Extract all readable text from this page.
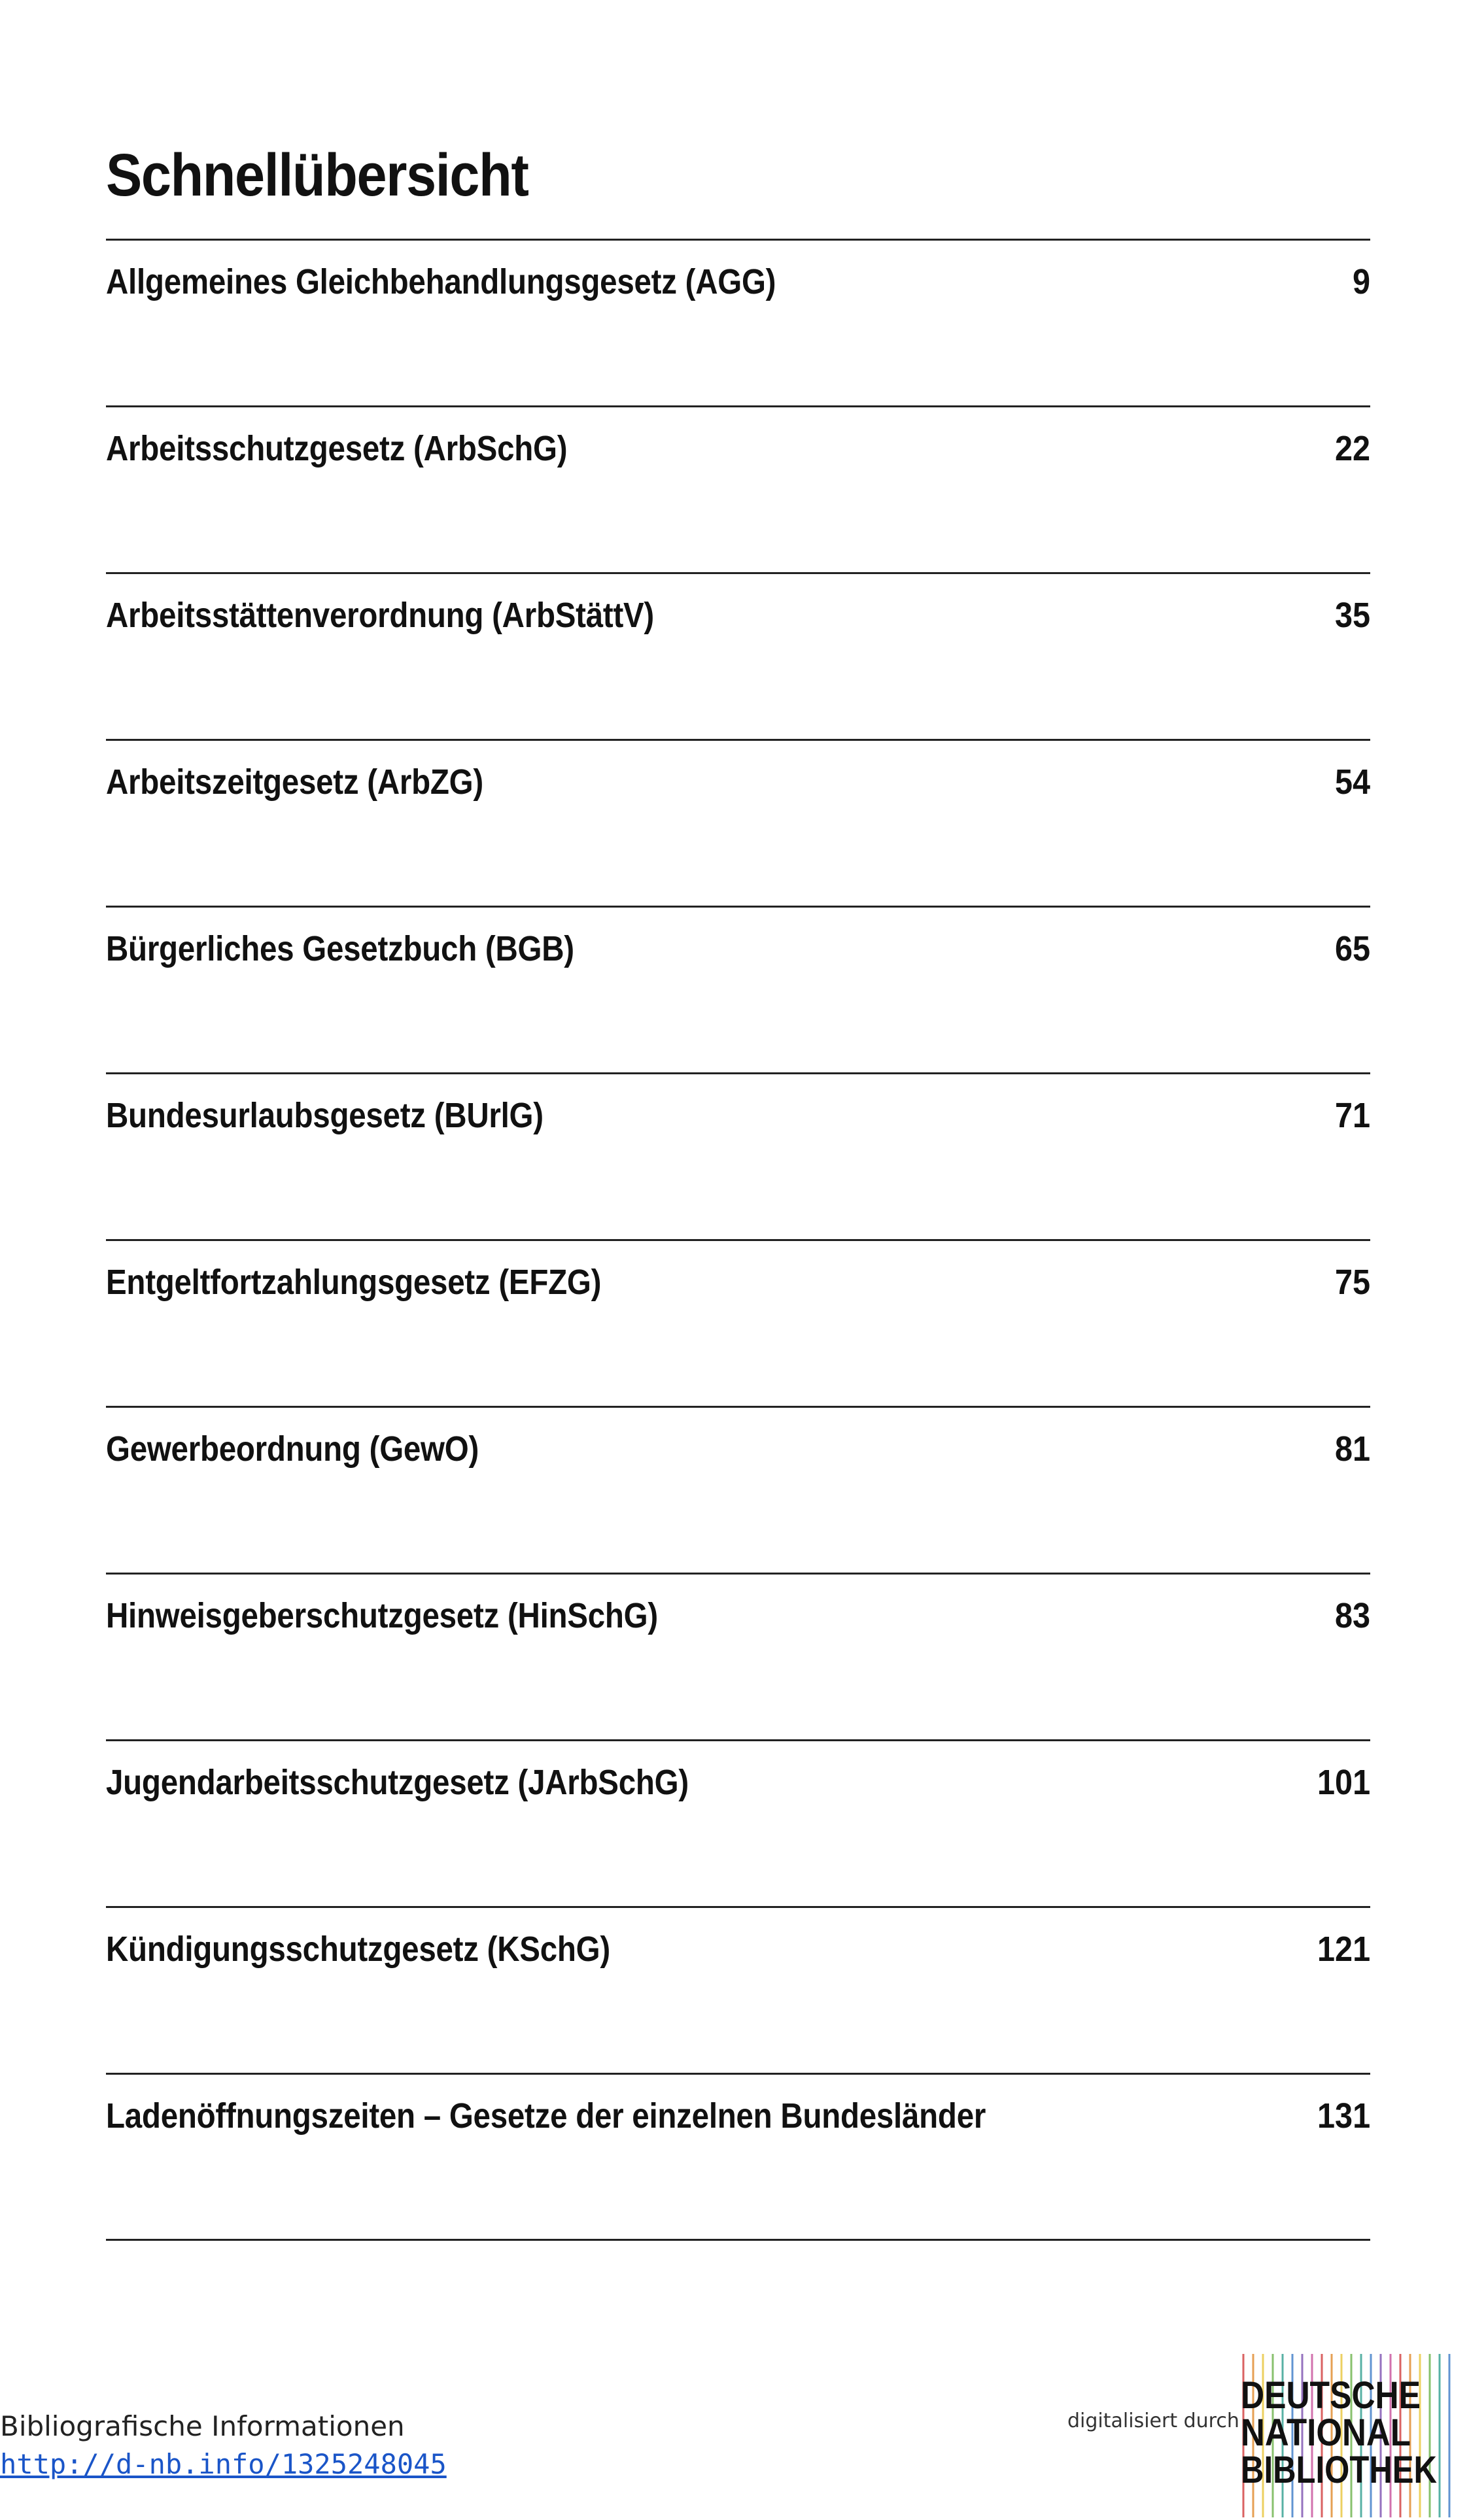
Schnellübersicht
Allgemeines Gleichbehandlungsgesetz (AGG)	9
Arbeitsschutzgesetz (ArbSchG)	22
Arbeitsstättenverordnung (ArbStättV)	35
Arbeitszeitgesetz (ArbZG)	54
Bürgerliches Gesetzbuch (BGB)	65
Bundesurlaubsgesetz (BUrlG)	71
Entgeltfortzahlungsgesetz (EFZG)	75
Gewerbeordnung (GewO)	81
Hinweisgeberschutzgesetz (HinSchG)	83
Jugendarbeitsschutzgesetz (JArbSchG)	101
Kündigungsschutzgesetz (KSchG)	121
Ladenöffnungszeiten – Gesetze der einzelnen Bundesländer	131
Bibliografische Informationen
http://d-nb.info/1325248045
digitalisiert durch
DEUTSCHE
NATIONAL
BIBLIOTHEK
